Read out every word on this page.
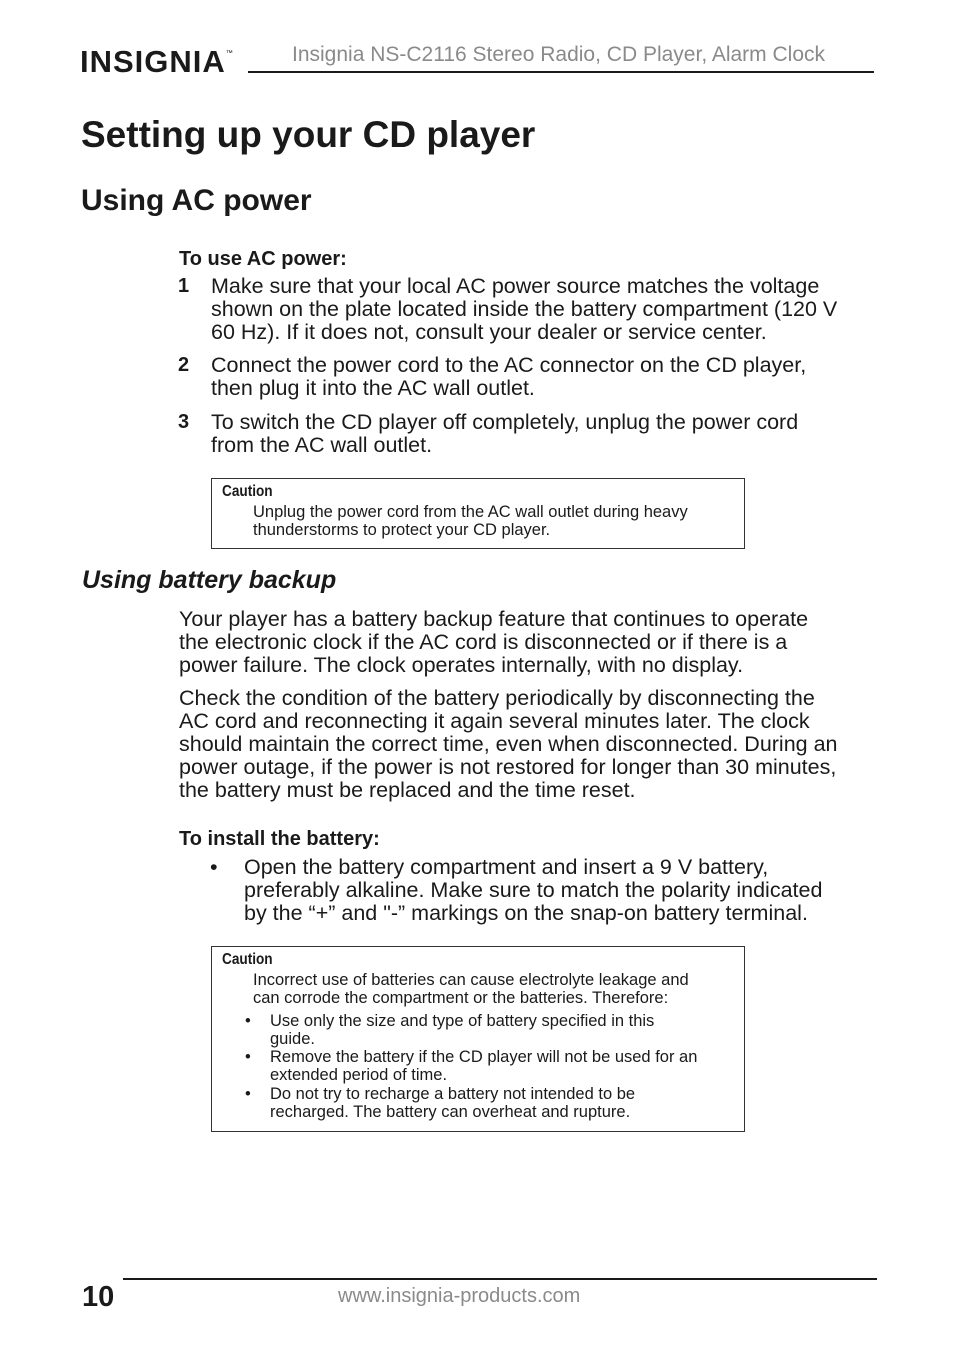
INSIGNIA™	Insignia NS-C2116 Stereo Radio, CD Player, Alarm Clock
Setting up your CD player
Using AC power
To use AC power:
1 Make sure that your local AC power source matches the voltage
shown on the plate located inside the battery compartment (120 V
60 Hz). If it does not, consult your dealer or service center.
2 Connect the power cord to the AC connector on the CD player,
then plug it into the AC wall outlet.
3 To switch the CD player off completely, unplug the power cord
from the AC wall outlet.
Caution
Unplug the power cord from the AC wall outlet during heavy
thunderstorms to protect your CD player.
Using battery backup
Your player has a battery backup feature that continues to operate
the electronic clock if the AC cord is disconnected or if there is a
power failure. The clock operates internally, with no display.
Check the condition of the battery periodically by disconnecting the
AC cord and reconnecting it again several minutes later. The clock
should maintain the correct time, even when disconnected. During an
power outage, if the power is not restored for longer than 30 minutes,
the battery must be replaced and the time reset.
To install the battery:
• Open the battery compartment and insert a 9 V battery,
preferably alkaline. Make sure to match the polarity indicated
by the “+” and "-” markings on the snap-on battery terminal.
Caution
Incorrect use of batteries can cause electrolyte leakage and
can corrode the compartment or the batteries. Therefore:
• Use only the size and type of battery specified in this
guide.
• Remove the battery if the CD player will not be used for an
extended period of time.
• Do not try to recharge a battery not intended to be
recharged. The battery can overheat and rupture.
10	www.insignia-products.com
